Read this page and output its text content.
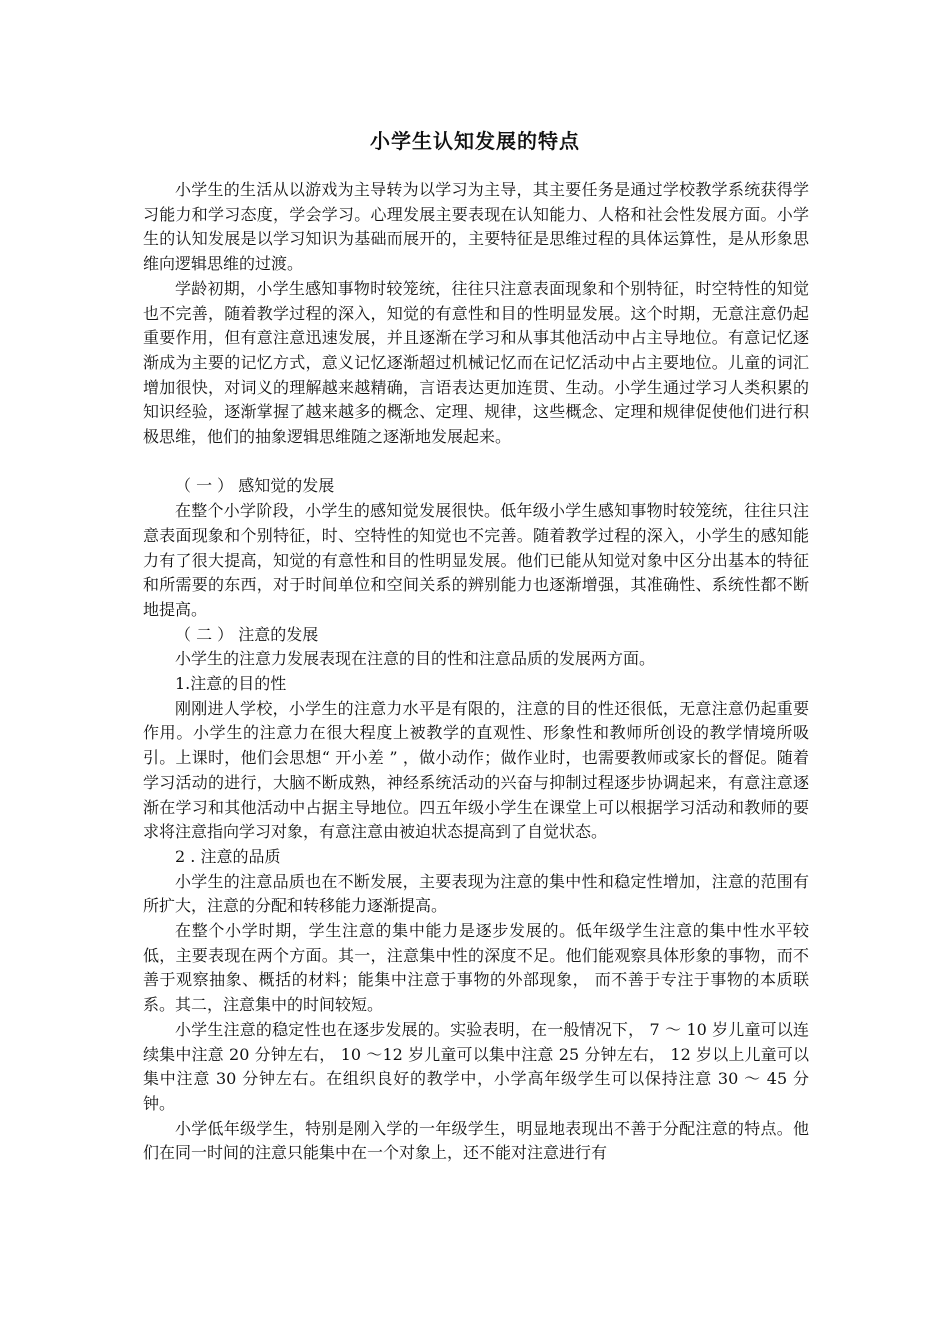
小学生认知发展的特点

小学生的生活从以游戏为主导转为以学习为主导，其主要任务是通过学校教学系统获得学习能力和学习态度，学会学习。心理发展主要表现在认知能力、人格和社会性发展方面。小学生的认知发展是以学习知识为基础而展开的，主要特征是思维过程的具体运算性，是从形象思维向逻辑思维的过渡。

学龄初期，小学生感知事物时较笼统，往往只注意表面现象和个别特征，时空特性的知觉也不完善，随着教学过程的深入，知觉的有意性和目的性明显发展。这个时期，无意注意仍起重要作用，但有意注意迅速发展，并且逐渐在学习和从事其他活动中占主导地位。有意记忆逐渐成为主要的记忆方式，意义记忆逐渐超过机械记忆而在记忆活动中占主要地位。儿童的词汇增加很快，对词义的理解越来越精确，言语表达更加连贯、生动。小学生通过学习人类积累的知识经验，逐渐掌握了越来越多的概念、定理、规律，这些概念、定理和规律促使他们进行积极思维，他们的抽象逻辑思维随之逐渐地发展起来。

（ 一 ） 感知觉的发展

在整个小学阶段，小学生的感知觉发展很快。低年级小学生感知事物时较笼统，往往只注意表面现象和个别特征，时、空特性的知觉也不完善。随着教学过程的深入，小学生的感知能力有了很大提高，知觉的有意性和目的性明显发展。他们已能从知觉对象中区分出基本的特征和所需要的东西，对于时间单位和空间关系的辨别能力也逐渐增强，其准确性、系统性都不断地提高。

（ 二 ） 注意的发展

小学生的注意力发展表现在注意的目的性和注意品质的发展两方面。

1.注意的目的性

刚刚进人学校，小学生的注意力水平是有限的，注意的目的性还很低，无意注意仍起重要作用。小学生的注意力在很大程度上被教学的直观性、形象性和教师所创设的教学情境所吸引。上课时，他们会思想“ 开小差 ” ，做小动作；做作业时，也需要教师或家长的督促。随着学习活动的进行，大脑不断成熟，神经系统活动的兴奋与抑制过程逐步协调起来，有意注意逐渐在学习和其他活动中占据主导地位。四五年级小学生在课堂上可以根据学习活动和教师的要求将注意指向学习对象，有意注意由被迫状态提高到了自觉状态。

2 . 注意的品质

小学生的注意品质也在不断发展，主要表现为注意的集中性和稳定性增加，注意的范围有所扩大，注意的分配和转移能力逐渐提高。

在整个小学时期，学生注意的集中能力是逐步发展的。低年级学生注意的集中性水平较低，主要表现在两个方面。其一，注意集中性的深度不足。他们能观察具体形象的事物，而不善于观察抽象、概括的材料；能集中注意于事物的外部现象， 而不善于专注于事物的本质联系。其二，注意集中的时间较短。

小学生注意的稳定性也在逐步发展的。实验表明，在一般情况下， 7 ～ 10 岁儿童可以连续集中注意 20 分钟左右， 10 ～12 岁儿童可以集中注意 25 分钟左右， 12 岁以上儿童可以集中注意 30 分钟左右。在组织良好的教学中，小学高年级学生可以保持注意 30 ～ 45 分钟。

小学低年级学生，特别是刚入学的一年级学生，明显地表现出不善于分配注意的特点。他们在同一时间的注意只能集中在一个对象上，还不能对注意进行有
